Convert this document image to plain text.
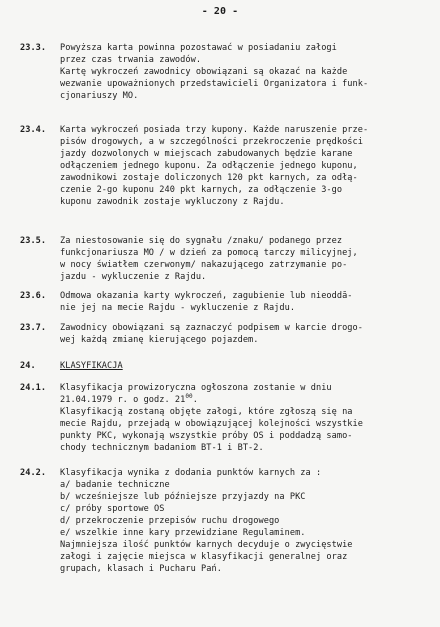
- 20 -
23.3.	Powyższa karta powinna pozostawać w posiadaniu załogi
przez czas trwania zawodów.
Kartę wykroczeń zawodnicy obowiązani są okazać na każde
wezwanie upoważnionych przedstawicieli Organizatora i funk-
cjonariuszy MO.
23.4.	Karta wykroczeń posiada trzy kupony. Każde naruszenie prze-
pisów drogowych, a w szczególności przekroczenie prędkości
jazdy dozwolonych w miejscach zabudowanych będzie karane
odłączeniem jednego kuponu. Za odłączenie jednego kuponu,
zawodnikowi zostaje doliczonych 120 pkt karnych, za odłą-
czenie 2-go kuponu 240 pkt karnych, za odłączenie 3-go
kuponu zawodnik zostaje wykluczony z Rajdu.
23.5.	Za niestosowanie się do sygnału /znaku/ podanego przez
funkcjonariusza MO / w dzień za pomocą tarczy milicyjnej,
w nocy światłem czerwonym/ nakazującego zatrzymanie po-
jazdu - wykluczenie z Rajdu.
23.6.	Odmowa okazania karty wykroczeń, zagubienie lub nieoddā-
nie jej na mecie Rajdu - wykluczenie z Rajdu.
23.7.	Zawodnicy obowiązani są zaznaczyć podpisem w karcie drogo-
wej każdą zmianę kierującego pojazdem.
24.	KLASYFIKACJA
24.1.	Klasyfikacja prowizoryczna ogłoszona zostanie w dniu
21.04.1979 r. o godz. $21^{00}$.
Klasyfikacją zostaną objęte załogi, które zgłoszą się na
mecie Rajdu, przejadą w obowiązującej kolejności wszystkie
punkty PKC, wykonają wszystkie próby OS i poddadzą samo-
chody technicznym badaniom BT-1 i BT-2.
24.2.	Klasyfikacja wynika z dodania punktów karnych za :
a/ badanie techniczne
b/ wcześniejsze lub późniejsze przyjazdy na PKC
c/ próby sportowe OS
d/ przekroczenie przepisów ruchu drogowego
e/ wszelkie inne kary przewidziane Regulaminem.
Najmniejsza ilość punktów karnych decyduje o zwycięstwie
załogi i zajęcie miejsca w klasyfikacji generalnej oraz
grupach, klasach i Pucharu Pań.
